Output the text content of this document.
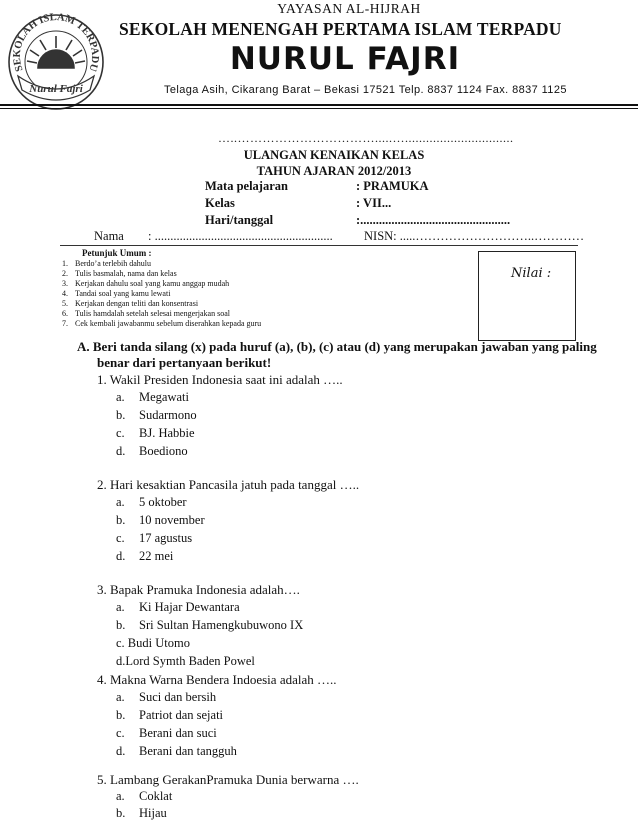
SEKOLAH ISLAM TERPADU
Nurul Fajri
YAYASAN AL-HIJRAH
SEKOLAH MENENGAH PERTAMA ISLAM TERPADU
NURUL FAJRI
Telaga Asih, Cikarang Barat – Bekasi 17521 Telp. 8837 1124 Fax. 8837 1125
…..…………………………….....…...............................
ULANGAN KENAIKAN KELAS
TAHUN AJARAN 2012/2013
Mata pelajaran	: PRAMUKA
Kelas	: VII...
Hari/tanggal	:................................................
Nama : .........................................................	NISN: .....………………………..…………
Petunjuk Umum :
1. Berdo’a terlebih dahulu
2. Tulis basmalah, nama dan kelas
3. Kerjakan dahulu soal yang kamu anggap mudah
4. Tandai soal yang kamu lewati
5. Kerjakan dengan teliti dan konsentrasi
6. Tulis hamdalah setelah selesai mengerjakan soal
7. Cek kembali jawabanmu sebelum diserahkan kepada guru
Nilai :
A. Beri tanda silang (x) pada huruf (a), (b), (c) atau (d) yang merupakan jawaban yang paling
benar dari pertanyaan berikut!
1. Wakil Presiden Indonesia saat ini adalah …..
a. Megawati
b. Sudarmono
c. BJ. Habbie
d. Boediono
2. Hari kesaktian Pancasila jatuh pada tanggal …..
a. 5 oktober
b. 10 november
c. 17 agustus
d. 22 mei
3. Bapak Pramuka Indonesia adalah….
a. Ki Hajar Dewantara
b. Sri Sultan Hamengkubuwono IX
c. Budi Utomo
d.Lord Symth Baden Powel
4. Makna Warna Bendera Indoesia adalah …..
a. Suci dan bersih
b. Patriot dan sejati
c. Berani dan suci
d. Berani dan tangguh
5. Lambang GerakanPramuka Dunia berwarna ….
a. Coklat
b. Hijau
